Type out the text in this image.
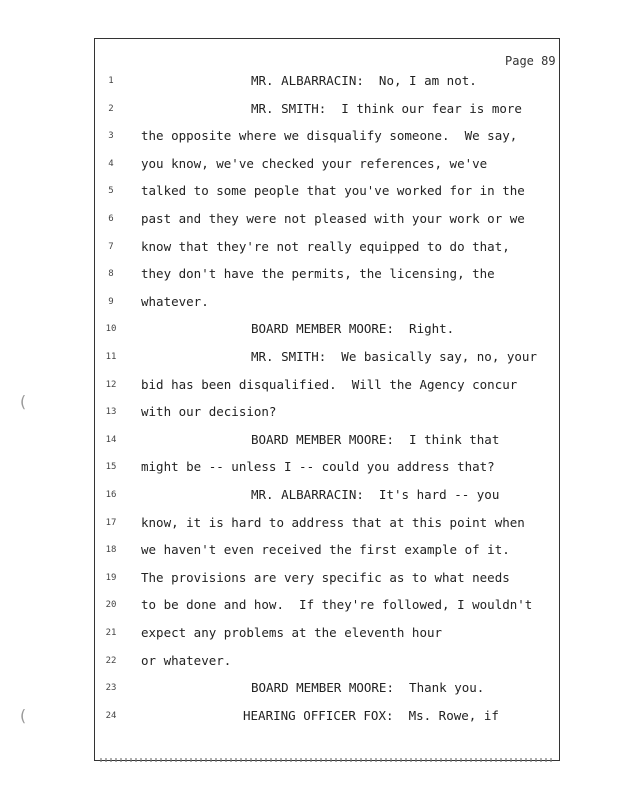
Page 89
1	MR. ALBARRACIN:  No, I am not.
2	MR. SMITH:  I think our fear is more
3	the opposite where we disqualify someone.  We say,
4	you know, we've checked your references, we've
5	talked to some people that you've worked for in the
6	past and they were not pleased with your work or we
7	know that they're not really equipped to do that,
8	they don't have the permits, the licensing, the
9	whatever.
10	BOARD MEMBER MOORE:  Right.
11	MR. SMITH:  We basically say, no, your
12	bid has been disqualified.  Will the Agency concur
13	with our decision?
14	BOARD MEMBER MOORE:  I think that
15	might be -- unless I -- could you address that?
16	MR. ALBARRACIN:  It's hard -- you
17	know, it is hard to address that at this point when
18	we haven't even received the first example of it.
19	The provisions are very specific as to what needs
20	to be done and how.  If they're followed, I wouldn't
21	expect any problems at the eleventh hour
22	or whatever.
23	BOARD MEMBER MOORE:  Thank you.
24	HEARING OFFICER FOX:  Ms. Rowe, if
(
(
